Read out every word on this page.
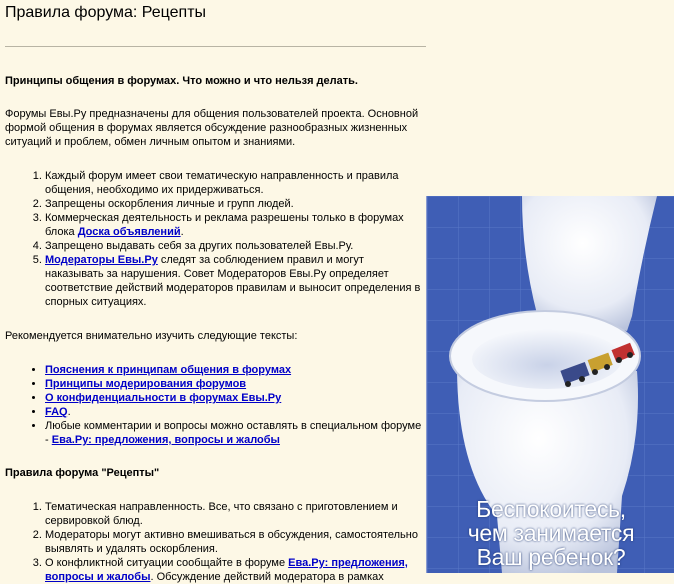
Правила форума: Рецепты

Принципы общения в форумах. Что можно и что нельзя делать.

Форумы Евы.Ру предназначены для общения пользователей проекта. Основной формой общения в форумах является обсуждение разнообразных жизненных ситуаций и проблем, обмен личным опытом и знаниями.

1. Каждый форум имеет свои тематическую направленность и правила общения, необходимо их придерживаться.
2. Запрещены оскорбления личные и групп людей.
3. Коммерческая деятельность и реклама разрешены только в форумах блока Доска объявлений.
4. Запрещено выдавать себя за других пользователей Евы.Ру.
5. Модераторы Евы.Ру следят за соблюдением правил и могут наказывать за нарушения. Совет Модераторов Евы.Ру определяет соответствие действий модераторов правилам и выносит определения в спорных ситуациях.

Рекомендуется внимательно изучить следующие тексты:

• Пояснения к принципам общения в форумах
• Принципы модерирования форумов
• О конфиденциальности в форумах Евы.Ру
• FAQ.
• Любые комментарии и вопросы можно оставлять в специальном форуме - Ева.Ру: предложения, вопросы и жалобы

Правила форума "Рецепты"

1. Тематическая направленность. Все, что связано с приготовлением и сервировкой блюд.
2. Модераторы могут активно вмешиваться в обсуждения, самостоятельно выявлять и удалять оскорбления.
3. О конфликтной ситуации сообщайте в форуме Ева.Ру: предложения, вопросы и жалобы. Обсуждение действий модератора в рамках
Беспокоитесь,
чем занимается
Ваш ребенок?
